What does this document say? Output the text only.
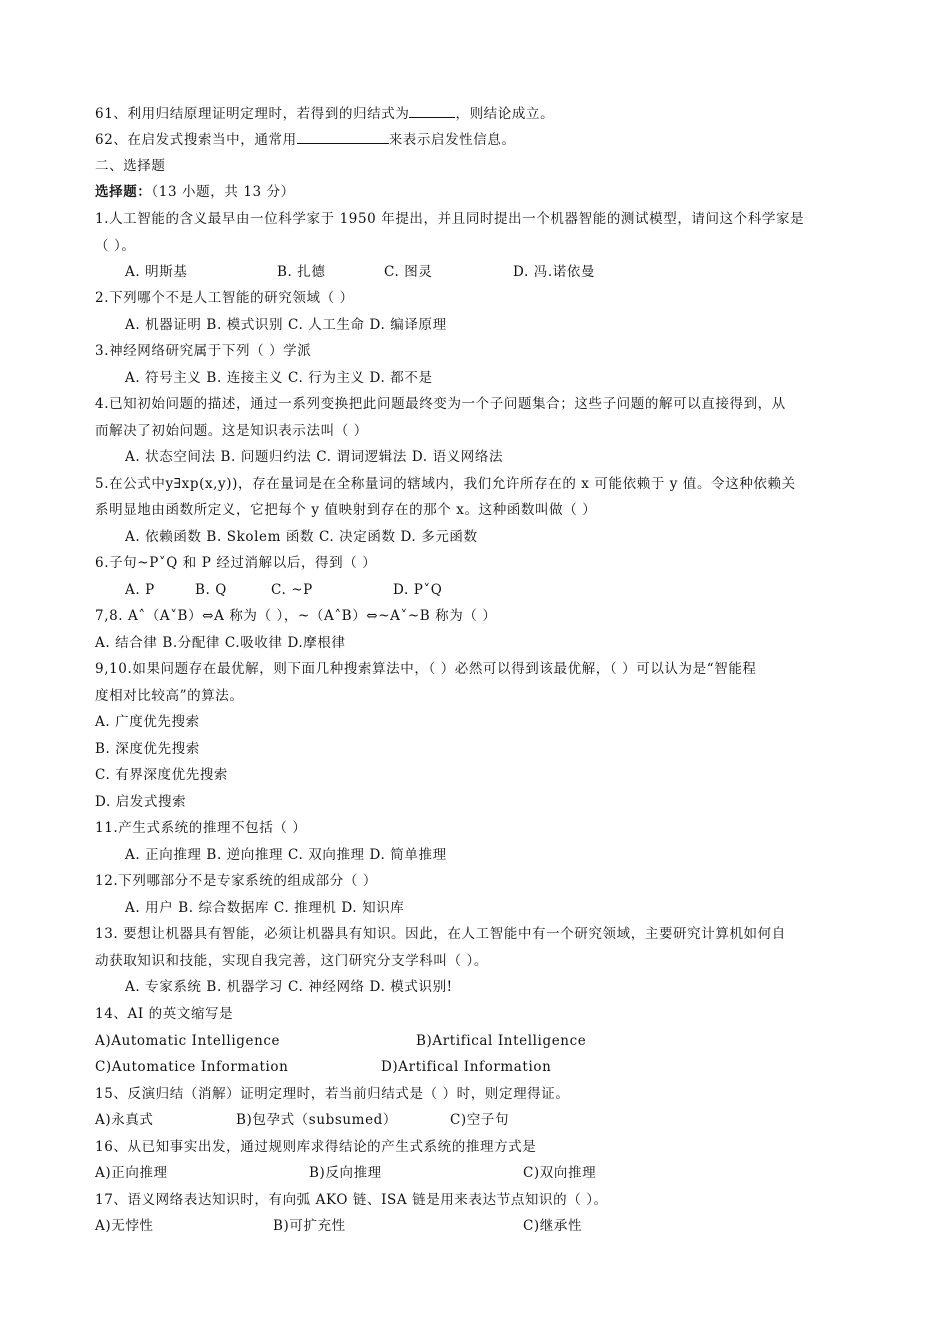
61、利用归结原理证明定理时，若得到的归结式为	，则结论成立。
62、在启发式搜索当中，通常用	来表示启发性信息。
二、选择题
选择题：（13 小题，共 13 分）
1.人工智能的含义最早由一位科学家于 1950 年提出，并且同时提出一个机器智能的测试模型，请问这个科学家是
（ ）。
A. 明斯基	B. 扎德	C. 图灵	D. 冯.诺依曼
2.下列哪个不是人工智能的研究领域（ ）
A. 机器证明 B. 模式识别 C. 人工生命 D. 编译原理
3.神经网络研究属于下列（ ）学派
A. 符号主义 B. 连接主义 C. 行为主义 D. 都不是
4.已知初始问题的描述，通过一系列变换把此问题最终变为一个子问题集合；这些子问题的解可以直接得到，从
而解决了初始问题。这是知识表示法叫（ ）
A. 状态空间法 B. 问题归约法 C. 谓词逻辑法 D. 语义网络法
5.在公式中y∃xp(x,y))，存在量词是在全称量词的辖域内，我们允许所存在的 x 可能依赖于 y 值。令这种依赖关
系明显地由函数所定义，它把每个 y 值映射到存在的那个 x。这种函数叫做（ ）
A. 依赖函数 B. Skolem 函数 C. 决定函数 D. 多元函数
6.子句~P˅Q 和 P 经过消解以后，得到（ ）
A. P	B. Q	C. ~P	D. P˅Q
7,8. A˄（A˅B）⇔A 称为（ ），~（A˄B）⇔~A˅~B 称为（ ）
A. 结合律 B.分配律 C.吸收律 D.摩根律
9,10.如果问题存在最优解，则下面几种搜索算法中，（ ）必然可以得到该最优解，（ ）可以认为是“智能程
度相对比较高”的算法。
A. 广度优先搜索
B. 深度优先搜索
C. 有界深度优先搜索
D. 启发式搜索
11.产生式系统的推理不包括（ ）
A. 正向推理 B. 逆向推理 C. 双向推理 D. 简单推理
12.下列哪部分不是专家系统的组成部分（ ）
A. 用户 B. 综合数据库 C. 推理机 D. 知识库
13. 要想让机器具有智能，必须让机器具有知识。因此，在人工智能中有一个研究领域，主要研究计算机如何自
动获取知识和技能，实现自我完善，这门研究分支学科叫（ ）。
A. 专家系统 B. 机器学习 C. 神经网络 D. 模式识别!
14、AI 的英文缩写是
A)Automatic Intelligence	B)Artifical Intelligence
C)Automatice Information	D)Artifical Information
15、反演归结（消解）证明定理时，若当前归结式是（ ）时，则定理得证。
A)永真式	B)包孕式（subsumed）	C)空子句
16、从已知事实出发，通过规则库求得结论的产生式系统的推理方式是
A)正向推理	B)反向推理	C)双向推理
17、语义网络表达知识时，有向弧 AKO 链、ISA 链是用来表达节点知识的（ ）。
A)无悖性	B)可扩充性	C)继承性
